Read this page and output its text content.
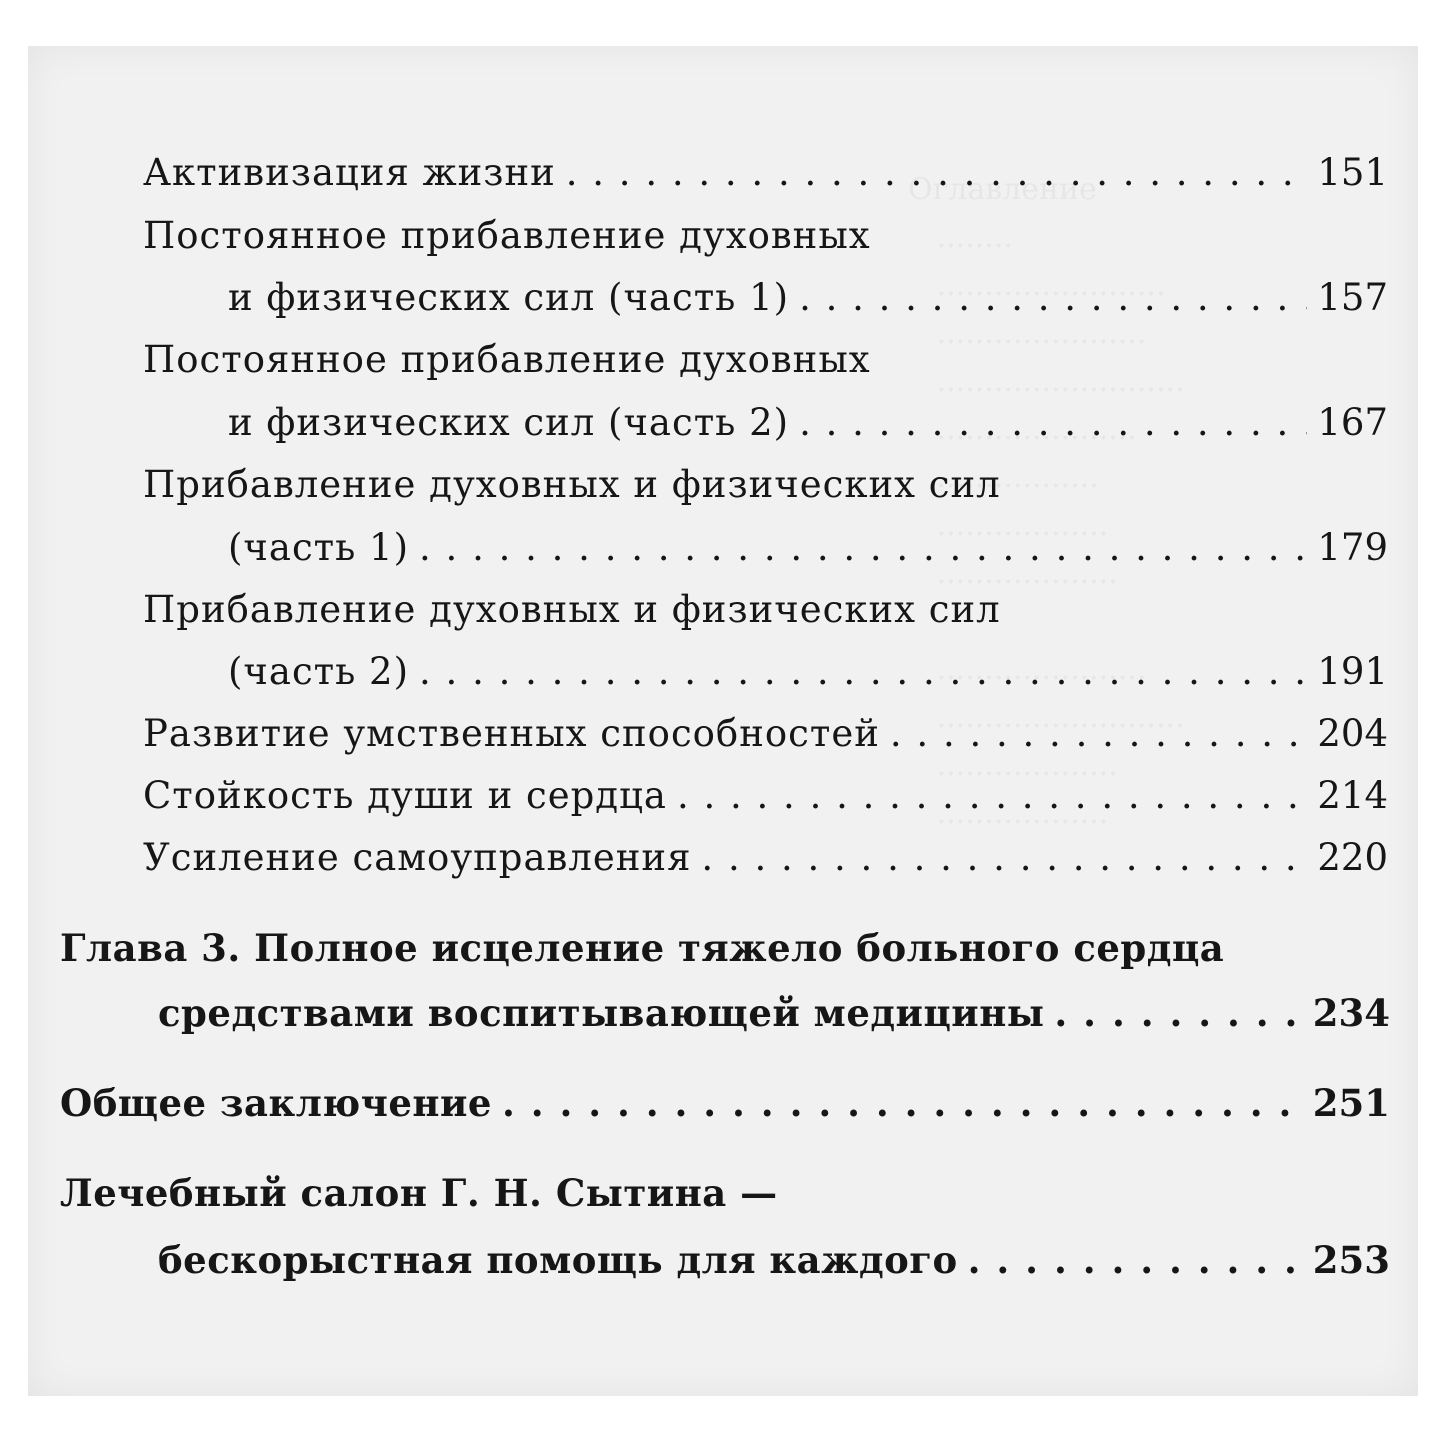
Активизация жизни . . .	151
Постоянное прибавление духовных
и физических сил (часть 1) . . .	157
Постоянное прибавление духовных
и физических сил (часть 2) . . .	167
Прибавление духовных и физических сил
(часть 1) . . .	179
Прибавление духовных и физических сил
(часть 2) . . .	191
Развитие умственных способностей . . .	204
Стойкость души и сердца . . .	214
Усиление самоуправления . . .	220
Глава 3. Полное исцеление тяжело больного сердца
средствами воспитывающей медицины . . .	234
Общее заключение . . .	251
Лечебный салон Г. Н. Сытина —
бескорыстная помощь для каждого . . .	253
